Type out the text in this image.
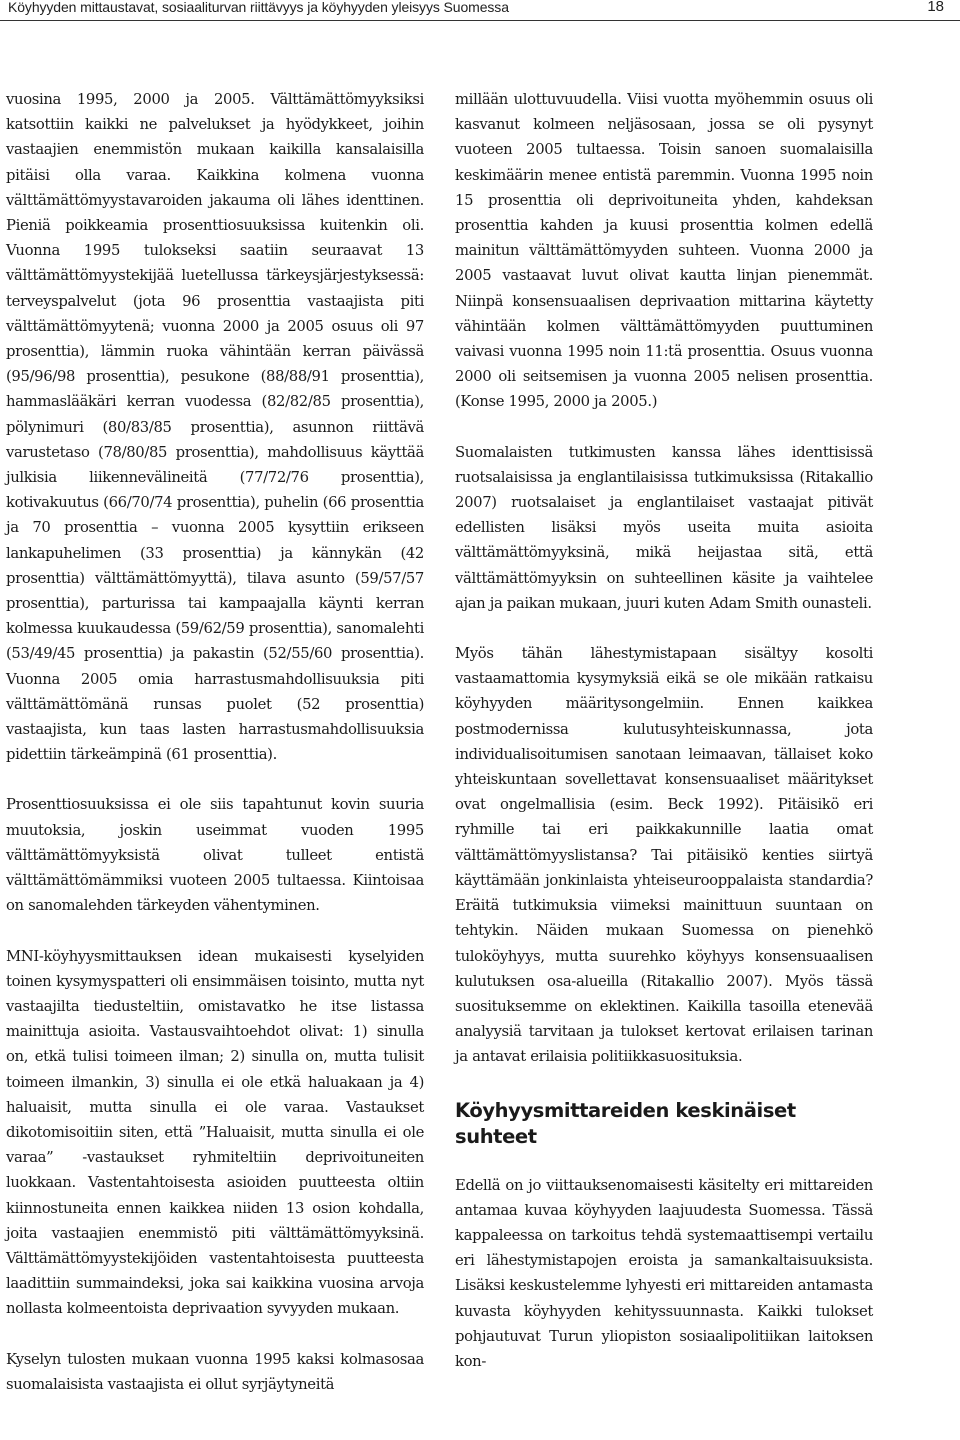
Köyhyyden mittaustavat, sosiaaliturvan riittävyys ja köyhyyden yleisyys Suomessa	18

vuosina 1995, 2000 ja 2005. Välttämättömyyksiksi katsottiin kaikki ne palvelukset ja hyödykkeet, joihin vastaajien enemmistön mukaan kaikilla kansalaisilla pitäisi olla varaa. Kaikkina kolmena vuonna välttämättömyystavaroiden jakauma oli lähes identtinen. Pieniä poikkeamia prosenttiosuuksissa kuitenkin oli. Vuonna 1995 tulokseksi saatiin seuraavat 13 välttämättömyystekijää luetellussa tärkeysjärjestyksessä: terveyspalvelut (jota 96 prosenttia vastaajista piti välttämättömyytenä; vuonna 2000 ja 2005 osuus oli 97 prosenttia), lämmin ruoka vähintään kerran päivässä (95/96/98 prosenttia), pesukone (88/88/91 prosenttia), hammaslääkäri kerran vuodessa (82/82/85 prosenttia), pölynimuri (80/83/85 prosenttia), asunnon riittävä varustetaso (78/80/85 prosenttia), mahdollisuus käyttää julkisia liikennevälineitä (77/72/76 prosenttia), kotivakuutus (66/70/74 prosenttia), puhelin (66 prosenttia ja 70 prosenttia – vuonna 2005 kysyttiin erikseen lankapuhelimen (33 prosenttia) ja kännykän (42 prosenttia) välttämättömyyttä), tilava asunto (59/57/57 prosenttia), parturissa tai kampaajalla käynti kerran kolmessa kuukaudessa (59/62/59 prosenttia), sanomalehti (53/49/45 prosenttia) ja pakastin (52/55/60 prosenttia). Vuonna 2005 omia harrastusmahdollisuuksia piti välttämättömänä runsas puolet (52 prosenttia) vastaajista, kun taas lasten harrastusmahdollisuuksia pidettiin tärkeämpinä (61 prosenttia).

Prosenttiosuuksissa ei ole siis tapahtunut kovin suuria muutoksia, joskin useimmat vuoden 1995 välttämättömyyksistä olivat tulleet entistä välttämättömämmiksi vuoteen 2005 tultaessa. Kiintoisaa on sanomalehden tärkeyden vähentyminen.

MNI-köyhyysmittauksen idean mukaisesti kyselyiden toinen kysymyspatteri oli ensimmäisen toisinto, mutta nyt vastaajilta tiedusteltiin, omistavatko he itse listassa mainittuja asioita. Vastausvaihtoehdot olivat: 1) sinulla on, etkä tulisi toimeen ilman; 2) sinulla on, mutta tulisit toimeen ilmankin, 3) sinulla ei ole etkä haluakaan ja 4) haluaisit, mutta sinulla ei ole varaa. Vastaukset dikotomisoitiin siten, että ”Haluaisit, mutta sinulla ei ole varaa” -vastaukset ryhmiteltiin deprivoituneiten luokkaan. Vastentahtoisesta asioiden puutteesta oltiin kiinnostuneita ennen kaikkea niiden 13 osion kohdalla, joita vastaajien enemmistö piti välttämättömyyksinä. Välttämättömyystekijöiden vastentahtoisesta puutteesta laadittiin summaindeksi, joka sai kaikkina vuosina arvoja nollasta kolmeentoista deprivaation syvyyden mukaan.

Kyselyn tulosten mukaan vuonna 1995 kaksi kolmasosaa suomalaisista vastaajista ei ollut syrjäytyneitä

millään ulottuvuudella. Viisi vuotta myöhemmin osuus oli kasvanut kolmeen neljäsosaan, jossa se oli pysynyt vuoteen 2005 tultaessa. Toisin sanoen suomalaisilla keskimäärin menee entistä paremmin. Vuonna 1995 noin 15 prosenttia oli deprivoituneita yhden, kahdeksan prosenttia kahden ja kuusi prosenttia kolmen edellä mainitun välttämättömyyden suhteen. Vuonna 2000 ja 2005 vastaavat luvut olivat kautta linjan pienemmät. Niinpä konsensuaalisen deprivaation mittarina käytetty vähintään kolmen välttämättömyyden puuttuminen vaivasi vuonna 1995 noin 11:tä prosenttia. Osuus vuonna 2000 oli seitsemisen ja vuonna 2005 nelisen prosenttia. (Konse 1995, 2000 ja 2005.)

Suomalaisten tutkimusten kanssa lähes identtisissä ruotsalaisissa ja englantilaisissa tutkimuksissa (Ritakallio 2007) ruotsalaiset ja englantilaiset vastaajat pitivät edellisten lisäksi myös useita muita asioita välttämättömyyksinä, mikä heijastaa sitä, että välttämättömyyksin on suhteellinen käsite ja vaihtelee ajan ja paikan mukaan, juuri kuten Adam Smith ounasteli.

Myös tähän lähestymistapaan sisältyy kosolti vastaamattomia kysymyksiä eikä se ole mikään ratkaisu köyhyyden määritysongelmiin. Ennen kaikkea postmodernissa kulutusyhteiskunnassa, jota individualisoitumisen sanotaan leimaavan, tällaiset koko yhteiskuntaan sovellettavat konsensuaaliset määritykset ovat ongelmallisia (esim. Beck 1992). Pitäisikö eri ryhmille tai eri paikkakunnille laatia omat välttämättömyyslistansa? Tai pitäisikö kenties siirtyä käyttämään jonkinlaista yhteiseurooppalaista standardia? Eräitä tutkimuksia viimeksi mainittuun suuntaan on tehtykin. Näiden mukaan Suomessa on pienehkö tuloköyhyys, mutta suurehko köyhyys konsensuaalisen kulutuksen osa-alueilla (Ritakallio 2007). Myös tässä suosituksemme on eklektinen. Kaikilla tasoilla etenevää analyysiä tarvitaan ja tulokset kertovat erilaisen tarinan ja antavat erilaisia politiikkasuosituksia.

Köyhyysmittareiden keskinäiset suhteet

Edellä on jo viittauksenomaisesti käsitelty eri mittareiden antamaa kuvaa köyhyyden laajuudesta Suomessa. Tässä kappaleessa on tarkoitus tehdä systemaattisempi vertailu eri lähestymistapojen eroista ja samankaltaisuuksista. Lisäksi keskustelemme lyhyesti eri mittareiden antamasta kuvasta köyhyyden kehityssuunnasta. Kaikki tulokset pohjautuvat Turun yliopiston sosiaalipolitiikan laitoksen kon-
